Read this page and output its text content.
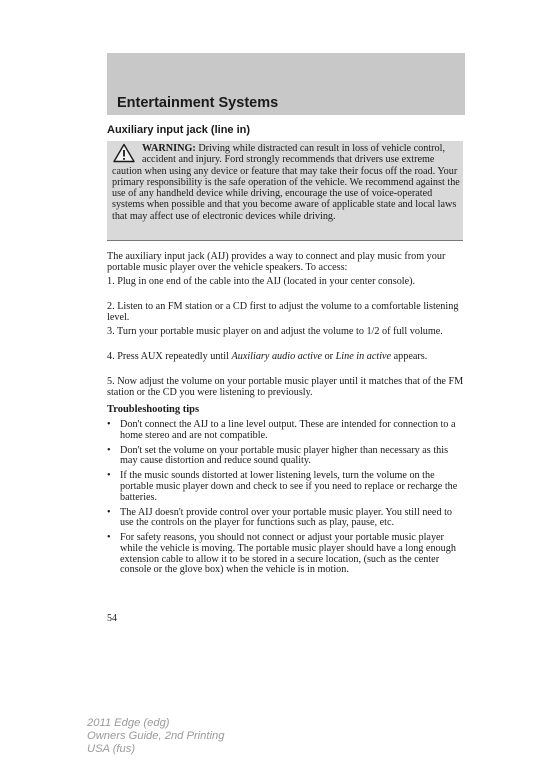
Entertainment Systems
Auxiliary input jack (line in)

WARNING: Driving while distracted can result in loss of vehicle control, accident and injury. Ford strongly recommends that drivers use extreme caution when using any device or feature that may take their focus off the road. Your primary responsibility is the safe operation of the vehicle. We recommend against the use of any handheld device while driving, encourage the use of voice-operated systems when possible and that you become aware of applicable state and local laws that may affect use of electronic devices while driving.

The auxiliary input jack (AIJ) provides a way to connect and play music from your portable music player over the vehicle speakers. To access:

1. Plug in one end of the cable into the AIJ (located in your center console).

2. Listen to an FM station or a CD first to adjust the volume to a comfortable listening level.

3. Turn your portable music player on and adjust the volume to 1/2 of full volume.

4. Press AUX repeatedly until Auxiliary audio active or Line in active appears.

5. Now adjust the volume on your portable music player until it matches that of the FM station or the CD you were listening to previously.

Troubleshooting tips
• Don't connect the AIJ to a line level output. These are intended for connection to a home stereo and are not compatible.
• Don't set the volume on your portable music player higher than necessary as this may cause distortion and reduce sound quality.
• If the music sounds distorted at lower listening levels, turn the volume on the portable music player down and check to see if you need to replace or recharge the batteries.
• The AIJ doesn't provide control over your portable music player. You still need to use the controls on the player for functions such as play, pause, etc.
• For safety reasons, you should not connect or adjust your portable music player while the vehicle is moving. The portable music player should have a long enough extension cable to allow it to be stored in a secure location, (such as the center console or the glove box) when the vehicle is in motion.
54
2011 Edge (edg)
Owners Guide, 2nd Printing
USA (fus)
